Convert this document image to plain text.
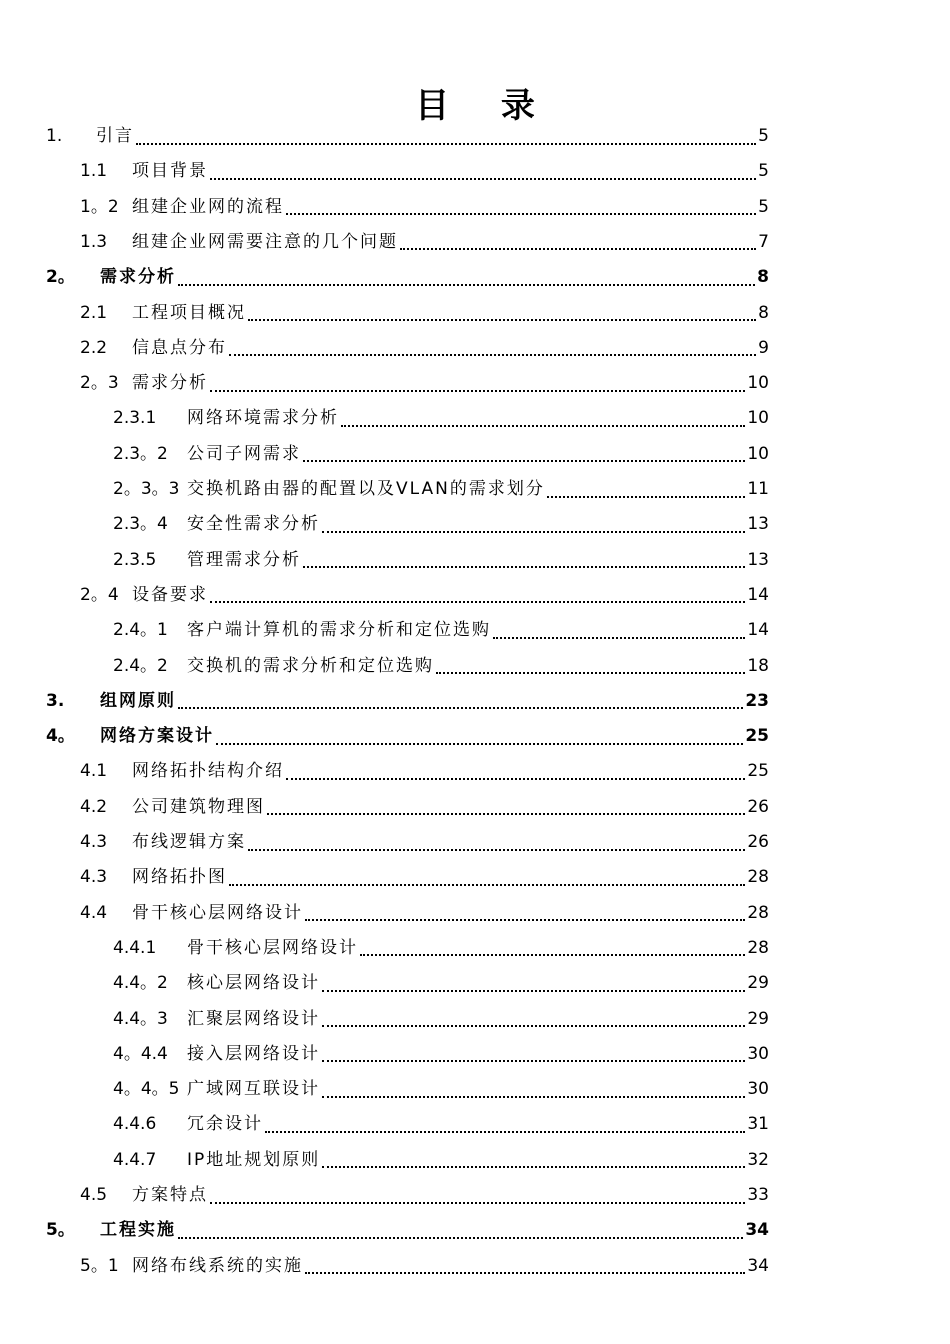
目 录
1.	引言	5
1.1	项目背景	5
1。2 组建企业网的流程	5
1.3	组建企业网需要注意的几个问题	7
2。	需求分析	8
2.1	工程项目概况	8
2.2	信息点分布	9
2。3 需求分析	10
2.3.1	网络环境需求分析	10
2.3。2	公司子网需求	10
2。3。3 交换机路由器的配置以及VLAN的需求划分	11
2.3。4	安全性需求分析	13
2.3.5	管理需求分析	13
2。4 设备要求	14
2.4。1	客户端计算机的需求分析和定位选购	14
2.4。2	交换机的需求分析和定位选购	18
3.	组网原则	23
4。	网络方案设计	25
4.1	网络拓扑结构介绍	25
4.2	公司建筑物理图	26
4.3	布线逻辑方案	26
4.3	网络拓扑图	28
4.4	骨干核心层网络设计	28
4.4.1	骨干核心层网络设计	28
4.4。2	核心层网络设计	29
4.4。3	汇聚层网络设计	29
4。4.4	接入层网络设计	30
4。4。5 广域网互联设计	30
4.4.6	冗余设计	31
4.4.7	IP地址规划原则	32
4.5	方案特点	33
5。	工程实施	34
5。1 网络布线系统的实施	34
